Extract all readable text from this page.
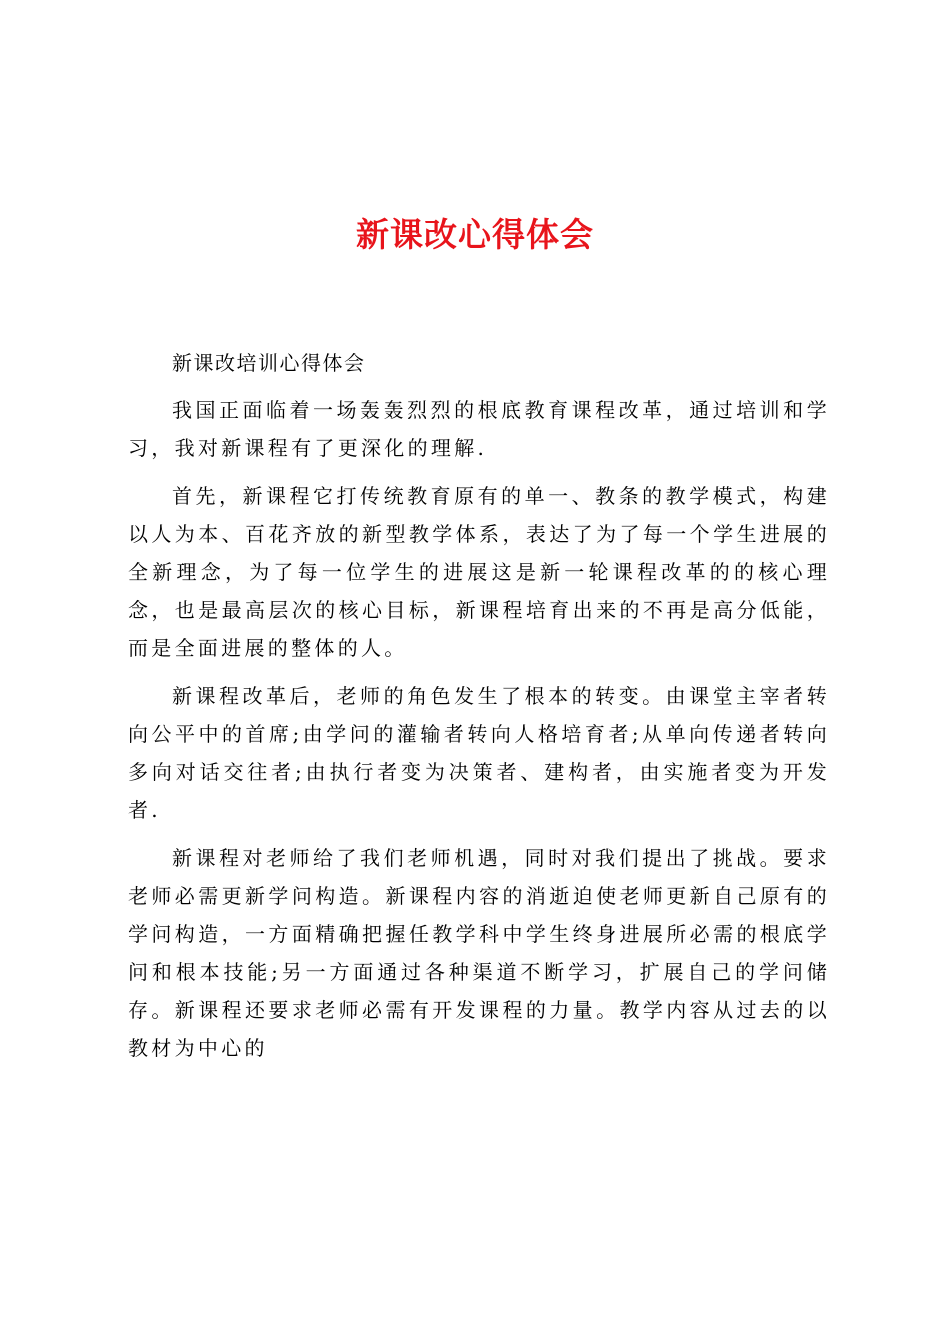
新课改心得体会

新课改培训心得体会

我国正面临着一场轰轰烈烈的根底教育课程改革，通过培训和学习，我对新课程有了更深化的理解.

首先，新课程它打传统教育原有的单一、教条的教学模式，构建以人为本、百花齐放的新型教学体系，表达了为了每一个学生进展的全新理念，为了每一位学生的进展这是新一轮课程改革的的核心理念，也是最高层次的核心目标，新课程培育出来的不再是高分低能，而是全面进展的整体的人。

新课程改革后，老师的角色发生了根本的转变。由课堂主宰者转向公平中的首席;由学问的灌输者转向人格培育者;从单向传递者转向多向对话交往者;由执行者变为决策者、建构者，由实施者变为开发者.

新课程对老师给了我们老师机遇，同时对我们提出了挑战。要求老师必需更新学问构造。新课程内容的消逝迫使老师更新自己原有的学问构造，一方面精确把握任教学科中学生终身进展所必需的根底学问和根本技能;另一方面通过各种渠道不断学习，扩展自己的学问储存。新课程还要求老师必需有开发课程的力量。教学内容从过去的以教材为中心的
